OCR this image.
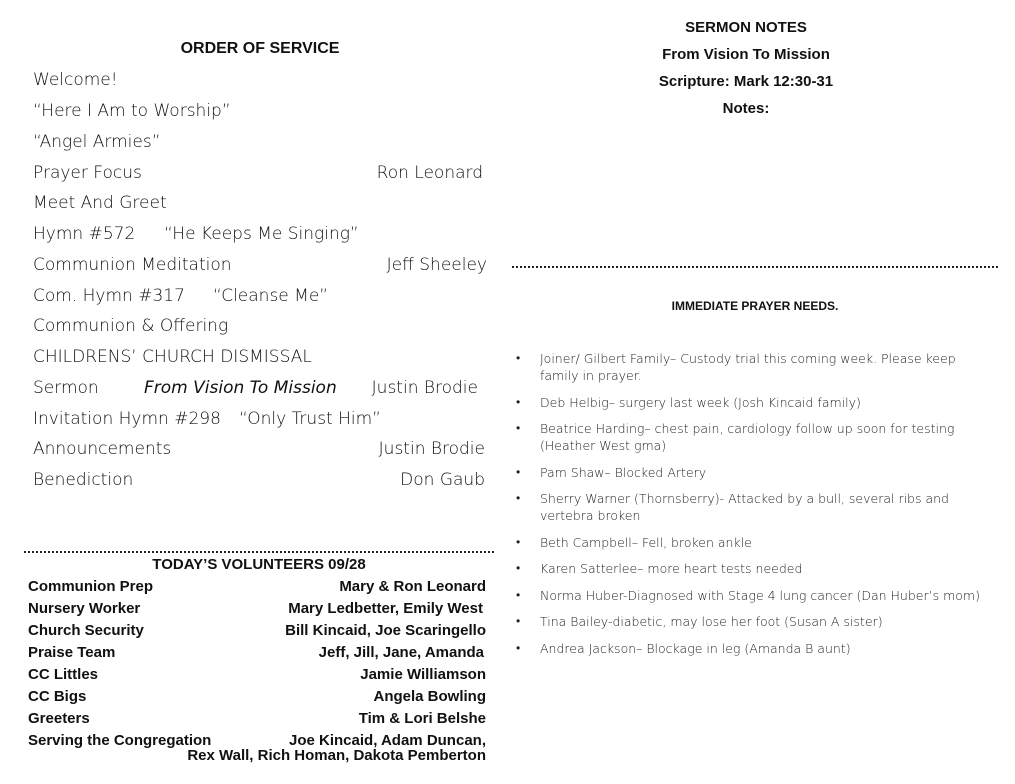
ORDER OF SERVICE
Welcome!
“Here I Am to Worship”
“Angel Armies”
Prayer Focus	Ron Leonard
Meet And Greet
Hymn #572 “He Keeps Me Singing”
Communion Meditation	Jeff Sheeley
Com. Hymn #317 “Cleanse Me”
Communion & Offering
CHILDRENS’ CHURCH DISMISSAL
Sermon	From Vision To Mission Justin Brodie
Invitation Hymn #298 “Only Trust Him”
Announcements	Justin Brodie
Benediction	Don Gaub
TODAY’S VOLUNTEERS 09/28
Communion Prep	Mary & Ron Leonard
Nursery Worker	Mary Ledbetter, Emily West
Church Security	Bill Kincaid, Joe Scaringello
Praise Team	Jeff, Jill, Jane, Amanda
CC Littles	Jamie Williamson
CC Bigs	Angela Bowling
Greeters	Tim & Lori Belshe
Serving the Congregation	Joe Kincaid, Adam Duncan,
Rex Wall, Rich Homan, Dakota Pemberton
SERMON NOTES
From Vision To Mission
Scripture: Mark 12:30-31
Notes:
IMMEDIATE PRAYER NEEDS.
• Joiner/ Gilbert Family– Custody trial this coming week. Please keep family in prayer.
• Deb Helbig– surgery last week (Josh Kincaid family)
• Beatrice Harding– chest pain, cardiology follow up soon for testing (Heather West gma)
• Pam Shaw– Blocked Artery
• Sherry Warner (Thornsberry)- Attacked by a bull, several ribs and vertebra broken
• Beth Campbell– Fell, broken ankle
• Karen Satterlee– more heart tests needed
• Norma Huber-Diagnosed with Stage 4 lung cancer (Dan Huber’s mom)
• Tina Bailey-diabetic, may lose her foot (Susan A sister)
• Andrea Jackson– Blockage in leg (Amanda B aunt)
